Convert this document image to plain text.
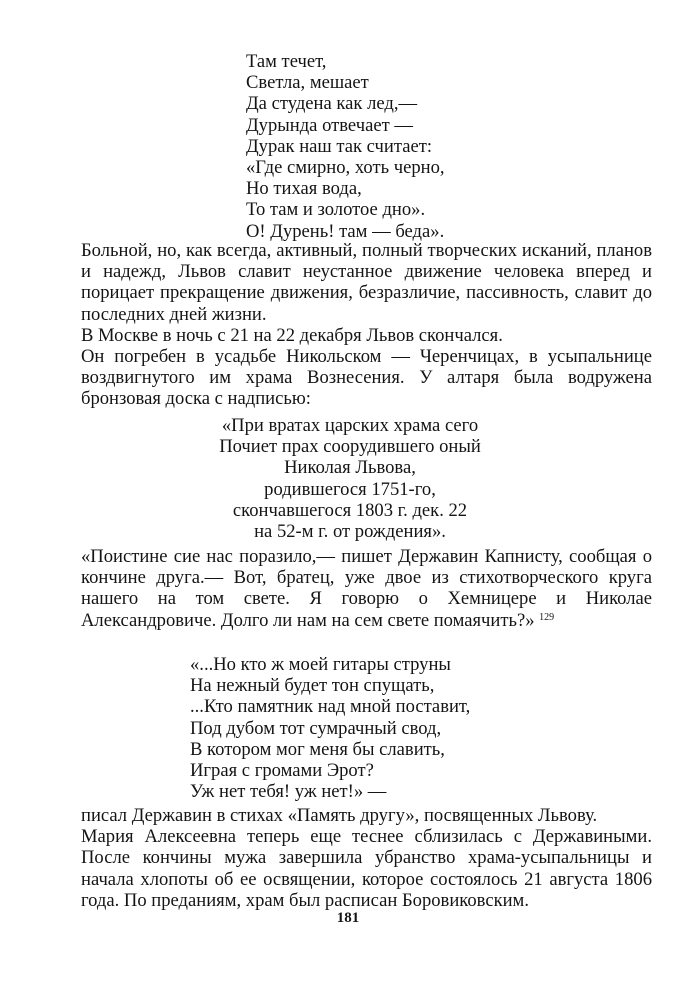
Там течет,
Светла, мешает
Да студена как лед,—
Дурында отвечает —
Дурак наш так считает:
«Где смирно, хоть черно,
Но тихая вода,
То там и золотое дно».
О! Дурень! там — беда».

Больной, но, как всегда, активный, полный творческих исканий, планов и надежд, Львов славит неустанное движение человека вперед и порицает прекращение движения, безразличие, пассивность, славит до последних дней жизни.

В Москве в ночь с 21 на 22 декабря Львов скончался.

Он погребен в усадьбе Никольском — Черенчицах, в усыпальнице воздвигнутого им храма Вознесения. У алтаря была водружена бронзовая доска с надписью:

«При вратах царских храма сего
Почиет прах соорудившего оный
Николая Львова,
родившегося 1751-го,
скончавшегося 1803 г. дек. 22
на 52-м г. от рождения».

«Поистине сие нас поразило,— пишет Державин Капнисту, сообщая о кончине друга.— Вот, братец, уже двое из стихотворческого круга нашего на том свете. Я говорю о Хемницере и Николае Александровиче. Долго ли нам на сем свете помаячить?» $^{129}$

«...Но кто ж моей гитары струны
На нежный будет тон спущать,
...Кто памятник над мной поставит,
Под дубом тот сумрачный свод,
В котором мог меня бы славить,
Играя с громами Эрот?
Уж нет тебя! уж нет!» —

писал Державин в стихах «Память другу», посвященных Львову.

Мария Алексеевна теперь еще теснее сблизилась с Державиными. После кончины мужа завершила убранство храма-усыпальницы и начала хлопоты об ее освящении, которое состоялось 21 августа 1806 года. По преданиям, храм был расписан Боровиковским.

181
